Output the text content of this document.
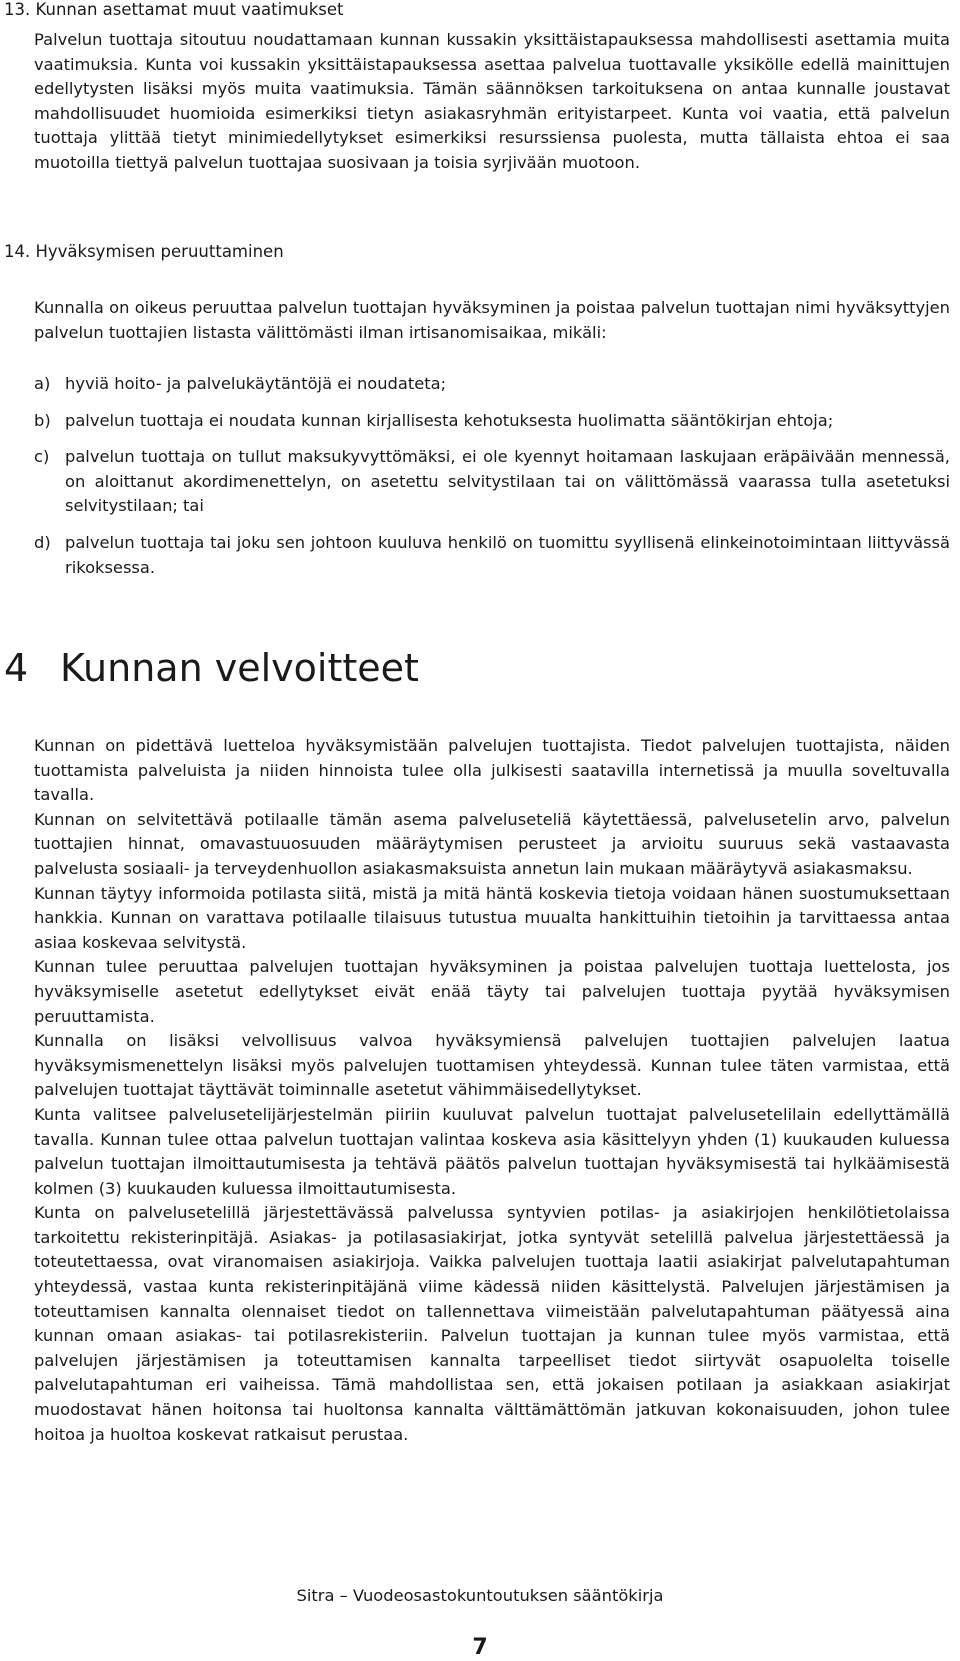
13. Kunnan asettamat muut vaatimukset

Palvelun tuottaja sitoutuu noudattamaan kunnan kussakin yksittäistapauksessa mahdollisesti asettamia muita vaatimuksia. Kunta voi kussakin yksittäistapauksessa asettaa palvelua tuottavalle yksikölle edellä mainittujen edellytysten lisäksi myös muita vaatimuksia. Tämän säännöksen tarkoituksena on antaa kunnalle joustavat mahdollisuudet huomioida esimerkiksi tietyn asiakasryhmän erityistarpeet. Kunta voi vaatia, että palvelun tuottaja ylittää tietyt minimiedellytykset esimerkiksi resurssiensa puolesta, mutta tällaista ehtoa ei saa muotoilla tiettyä palvelun tuottajaa suosivaan ja toisia syrjivään muotoon.

14. Hyväksymisen peruuttaminen

Kunnalla on oikeus peruuttaa palvelun tuottajan hyväksyminen ja poistaa palvelun tuottajan nimi hyväksyttyjen palvelun tuottajien listasta välittömästi ilman irtisanomisaikaa, mikäli:

a) hyviä hoito- ja palvelukäytäntöjä ei noudateta;
b) palvelun tuottaja ei noudata kunnan kirjallisesta kehotuksesta huolimatta sääntökirjan ehtoja;
c) palvelun tuottaja on tullut maksukyvyttömäksi, ei ole kyennyt hoitamaan laskujaan eräpäivään mennessä, on aloittanut akordimenettelyn, on asetettu selvitystilaan tai on välittömässä vaarassa tulla asetetuksi selvitystilaan; tai
d) palvelun tuottaja tai joku sen johtoon kuuluva henkilö on tuomittu syyllisenä elinkeinotoimintaan liittyvässä rikoksessa.
4 Kunnan velvoitteet

Kunnan on pidettävä luetteloa hyväksymistään palvelujen tuottajista. Tiedot palvelujen tuottajista, näiden tuottamista palveluista ja niiden hinnoista tulee olla julkisesti saatavilla internetissä ja muulla soveltuvalla tavalla.

Kunnan on selvitettävä potilaalle tämän asema palveluseteliä käytettäessä, palvelusetelin arvo, palvelun tuottajien hinnat, omavastuuosuuden määräytymisen perusteet ja arvioitu suuruus sekä vastaavasta palvelusta sosiaali- ja terveydenhuollon asiakasmaksuista annetun lain mukaan määräytyvä asiakasmaksu.

Kunnan täytyy informoida potilasta siitä, mistä ja mitä häntä koskevia tietoja voidaan hänen suostumuksettaan hankkia. Kunnan on varattava potilaalle tilaisuus tutustua muualta hankittuihin tietoihin ja tarvittaessa antaa asiaa koskevaa selvitystä.

Kunnan tulee peruuttaa palvelujen tuottajan hyväksyminen ja poistaa palvelujen tuottaja luettelosta, jos hyväksymiselle asetetut edellytykset eivät enää täyty tai palvelujen tuottaja pyytää hyväksymisen peruuttamista.

Kunnalla on lisäksi velvollisuus valvoa hyväksymiensä palvelujen tuottajien palvelujen laatua hyväksymismenettelyn lisäksi myös palvelujen tuottamisen yhteydessä. Kunnan tulee täten varmistaa, että palvelujen tuottajat täyttävät toiminnalle asetetut vähimmäisedellytykset.

Kunta valitsee palvelusetelijärjestelmän piiriin kuuluvat palvelun tuottajat palvelusetelilain edellyttämällä tavalla. Kunnan tulee ottaa palvelun tuottajan valintaa koskeva asia käsittelyyn yhden (1) kuukauden kuluessa palvelun tuottajan ilmoittautumisesta ja tehtävä päätös palvelun tuottajan hyväksymisestä tai hylkäämisestä kolmen (3) kuukauden kuluessa ilmoittautumisesta.

Kunta on palvelusetelillä järjestettävässä palvelussa syntyvien potilas- ja asiakirjojen henkilötietolaissa tarkoitettu rekisterinpitäjä. Asiakas- ja potilasasiakirjat, jotka syntyvät setelillä palvelua järjestettäessä ja toteutettaessa, ovat viranomaisen asiakirjoja. Vaikka palvelujen tuottaja laatii asiakirjat palvelutapahtuman yhteydessä, vastaa kunta rekisterinpitäjänä viime kädessä niiden käsittelystä. Palvelujen järjestämisen ja toteuttamisen kannalta olennaiset tiedot on tallennettava viimeistään palvelutapahtuman päätyessä aina kunnan omaan asiakas- tai potilasrekisteriin. Palvelun tuottajan ja kunnan tulee myös varmistaa, että palvelujen järjestämisen ja toteuttamisen kannalta tarpeelliset tiedot siirtyvät osapuolelta toiselle palvelutapahtuman eri vaiheissa. Tämä mahdollistaa sen, että jokaisen potilaan ja asiakkaan asiakirjat muodostavat hänen hoitonsa tai huoltonsa kannalta välttämättömän jatkuvan kokonaisuuden, johon tulee hoitoa ja huoltoa koskevat ratkaisut perustaa.

Sitra – Vuodeosastokuntoutuksen sääntökirja

7
